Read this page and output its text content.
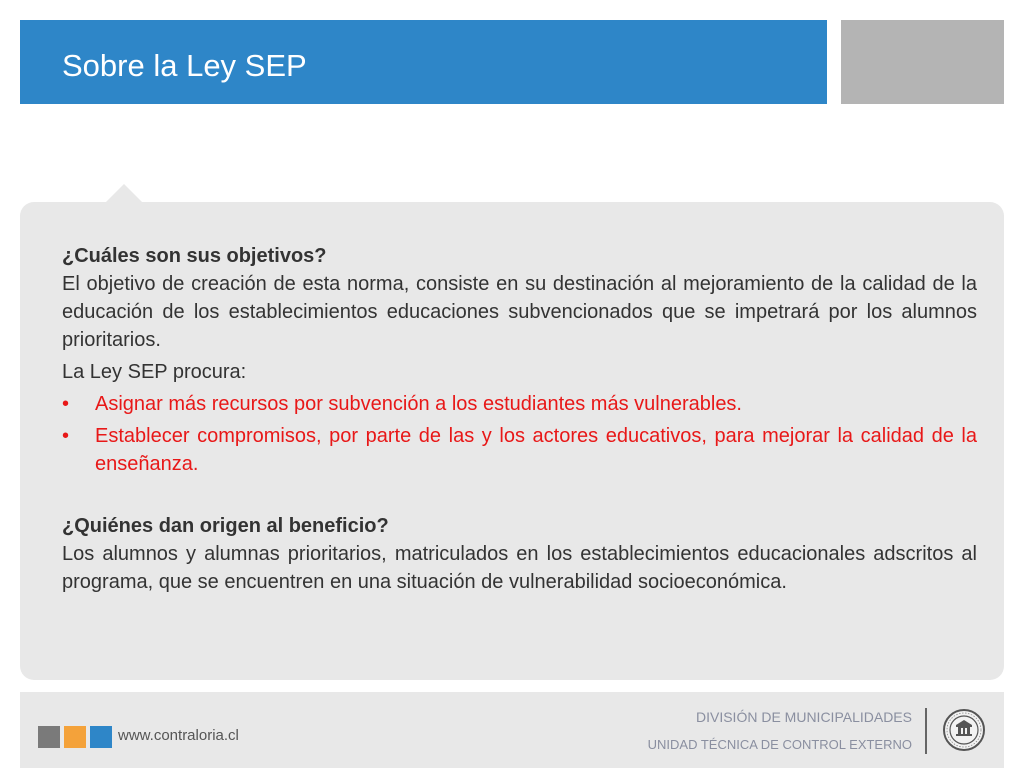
Sobre la Ley SEP

¿Cuáles son sus objetivos?

El objetivo de creación de esta norma, consiste en su destinación al mejoramiento de la calidad de la educación de los establecimientos educaciones subvencionados que se impetrará por los alumnos prioritarios.

La Ley SEP procura:

• Asignar más recursos por subvención a los estudiantes más vulnerables.
• Establecer compromisos, por parte de las y los actores educativos, para mejorar la calidad de la enseñanza.

¿Quiénes dan origen al beneficio?

Los alumnos y alumnas prioritarios, matriculados en los establecimientos educacionales adscritos al programa, que se encuentren en una situación de vulnerabilidad socioeconómica.

www.contraloria.cl
DIVISIÓN DE MUNICIPALIDADES
UNIDAD TÉCNICA DE CONTROL EXTERNO
